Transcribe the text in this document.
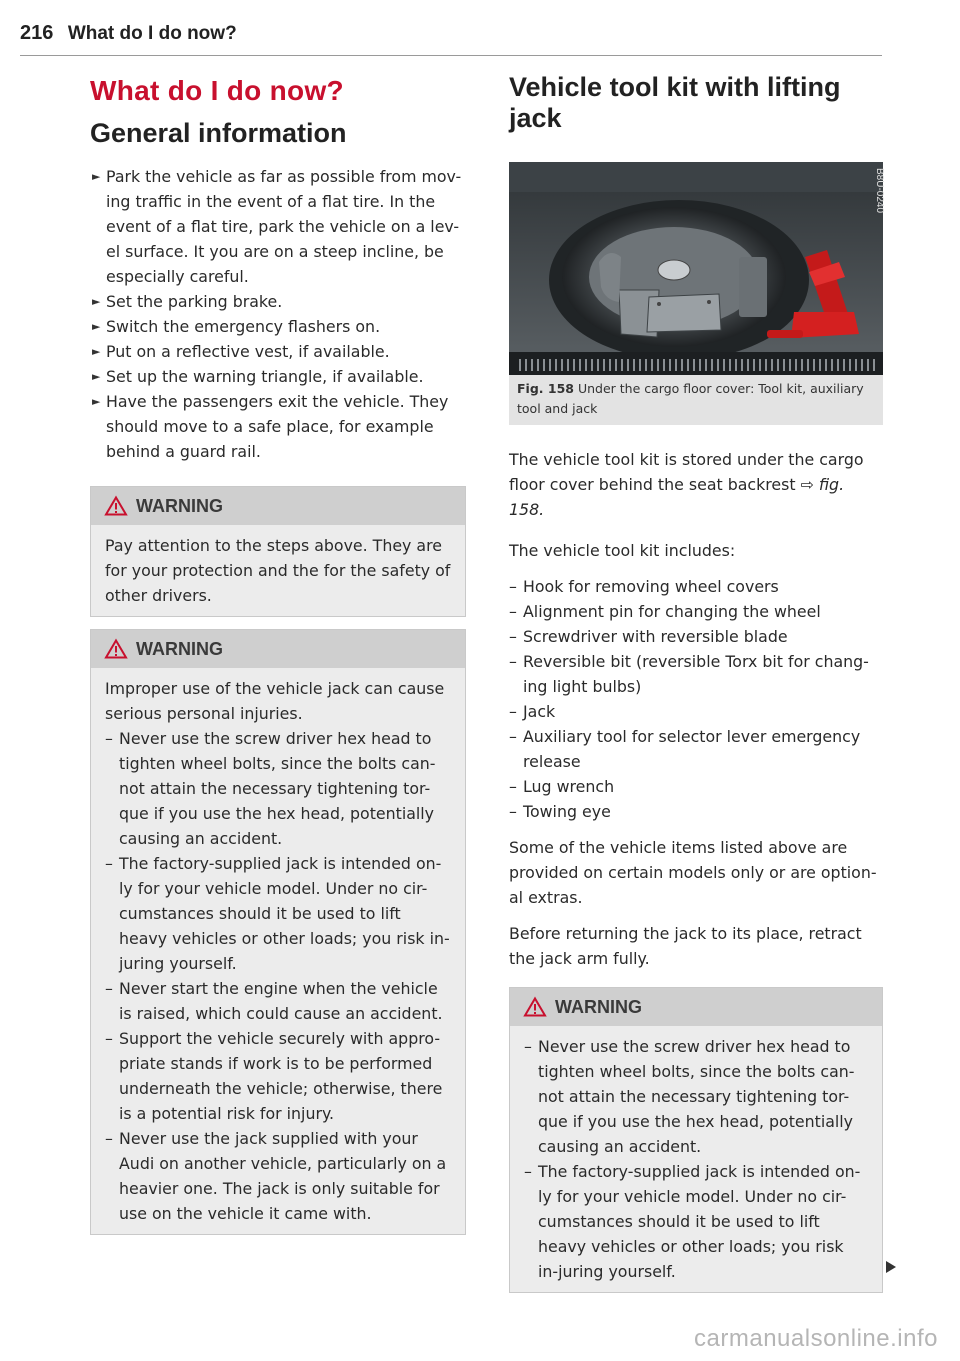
216 What do I do now?
What do I do now?
General information
► Park the vehicle as far as possible from mov-ing traffic in the event of a flat tire. In the event of a flat tire, park the vehicle on a lev-el surface. It you are on a steep incline, be especially careful.
► Set the parking brake.
► Switch the emergency flashers on.
► Put on a reflective vest, if available.
► Set up the warning triangle, if available.
► Have the passengers exit the vehicle. They should move to a safe place, for example behind a guard rail.
WARNING

Pay attention to the steps above. They are for your protection and the for the safety of other drivers.

WARNING

Improper use of the vehicle jack can cause serious personal injuries.

– Never use the screw driver hex head to tighten wheel bolts, since the bolts can-not attain the necessary tightening tor-que if you use the hex head, potentially causing an accident.
– The factory-supplied jack is intended on-ly for your vehicle model. Under no cir-cumstances should it be used to lift heavy vehicles or other loads; you risk in-juring yourself.
– Never start the engine when the vehicle is raised, which could cause an accident.
– Support the vehicle securely with appro-priate stands if work is to be performed underneath the vehicle; otherwise, there is a potential risk for injury.
– Never use the jack supplied with your Audi on another vehicle, particularly on a heavier one. The jack is only suitable for use on the vehicle it came with.
Vehicle tool kit with lifting jack
B8U-0240
Fig. 158 Under the cargo floor cover: Tool kit, auxiliary tool and jack

The vehicle tool kit is stored under the cargo floor cover behind the seat backrest ⇨ fig. 158.

The vehicle tool kit includes:

– Hook for removing wheel covers
– Alignment pin for changing the wheel
– Screwdriver with reversible blade
– Reversible bit (reversible Torx bit for chang-ing light bulbs)
– Jack
– Auxiliary tool for selector lever emergency release
– Lug wrench
– Towing eye

Some of the vehicle items listed above are provided on certain models only or are option-al extras.

Before returning the jack to its place, retract the jack arm fully.

WARNING
– Never use the screw driver hex head to tighten wheel bolts, since the bolts can-not attain the necessary tightening tor-que if you use the hex head, potentially causing an accident.
– The factory-supplied jack is intended on-ly for your vehicle model. Under no cir-cumstances should it be used to lift heavy vehicles or other loads; you risk in-juring yourself.
carmanualsonline.info
